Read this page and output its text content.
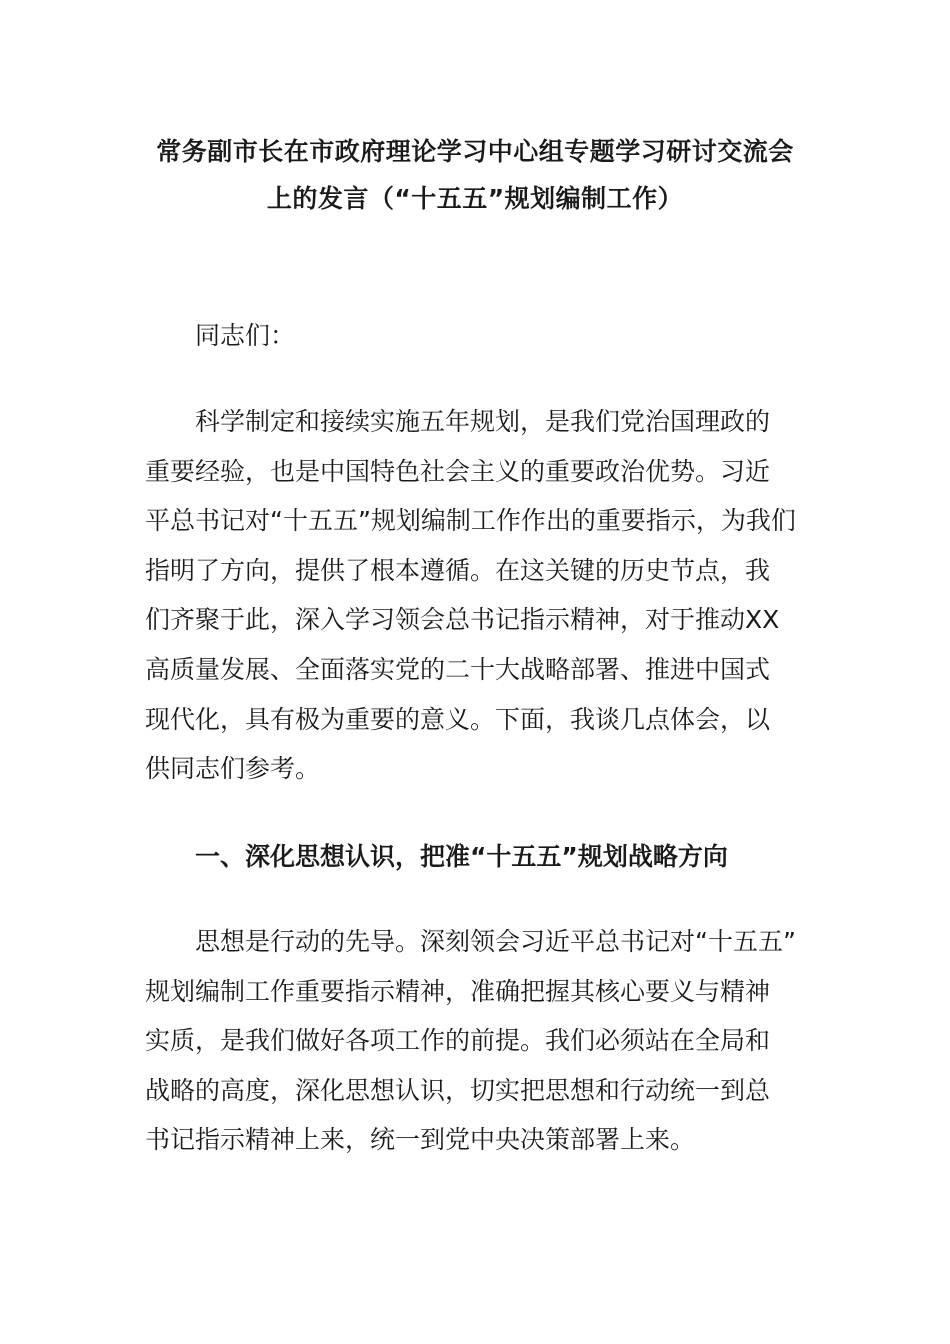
常务副市长在市政府理论学习中心组专题学习研讨交流会
上的发言（“十五五”规划编制工作）
同志们：
科学制定和接续实施五年规划，是我们党治国理政的
重要经验，也是中国特色社会主义的重要政治优势。习近
平总书记对“十五五”规划编制工作作出的重要指示，为我们
指明了方向，提供了根本遵循。在这关键的历史节点，我
们齐聚于此，深入学习领会总书记指示精神，对于推动XX
高质量发展、全面落实党的二十大战略部署、推进中国式
现代化，具有极为重要的意义。下面，我谈几点体会，以
供同志们参考。
一、深化思想认识，把准“十五五”规划战略方向
思想是行动的先导。深刻领会习近平总书记对“十五五”
规划编制工作重要指示精神，准确把握其核心要义与精神
实质，是我们做好各项工作的前提。我们必须站在全局和
战略的高度，深化思想认识，切实把思想和行动统一到总
书记指示精神上来，统一到党中央决策部署上来。
